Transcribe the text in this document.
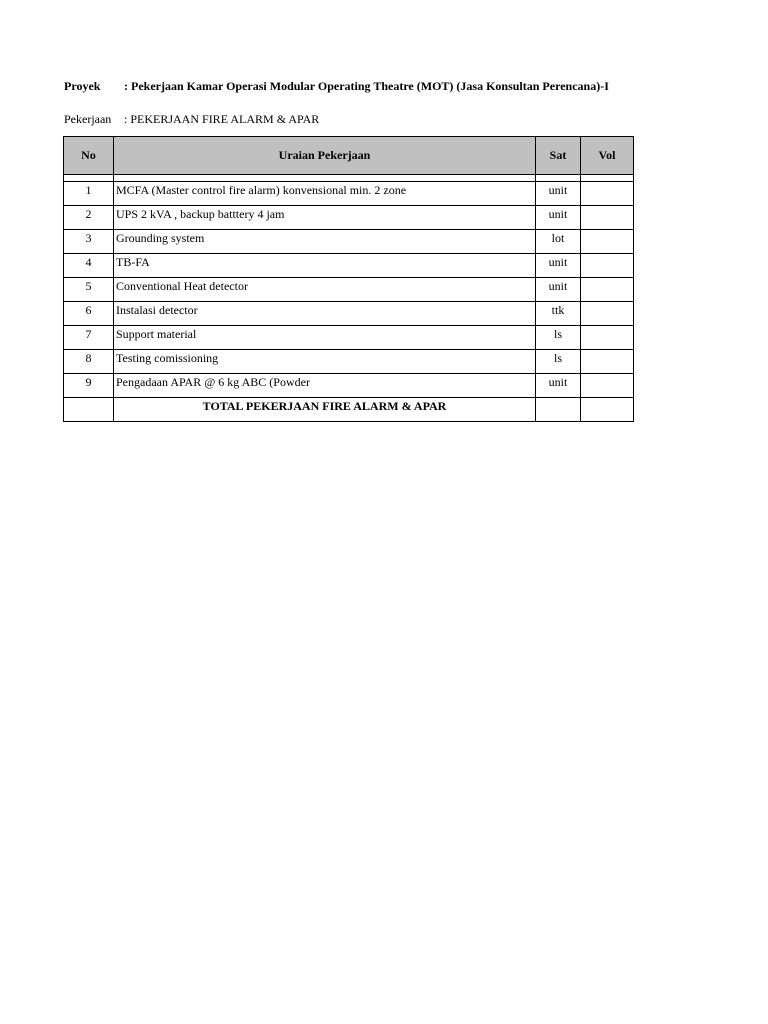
Proyek : Pekerjaan Kamar Operasi Modular Operating Theatre (MOT) (Jasa Konsultan Perencana)-I
Pekerjaan : PEKERJAAN FIRE ALARM & APAR
No	Uraian Pekerjaan	Sat	Vol

1	MCFA (Master control fire alarm) konvensional min. 2 zone	unit	
2	UPS 2 kVA , backup batttery 4 jam	unit	
3	Grounding system	lot	
4	TB-FA	unit	
5	Conventional Heat detector	unit	
6	Instalasi detector	ttk	
7	Support material	ls	
8	Testing comissioning	ls	
9	Pengadaan APAR @ 6 kg ABC (Powder	unit	
	TOTAL PEKERJAAN FIRE ALARM & APAR		
